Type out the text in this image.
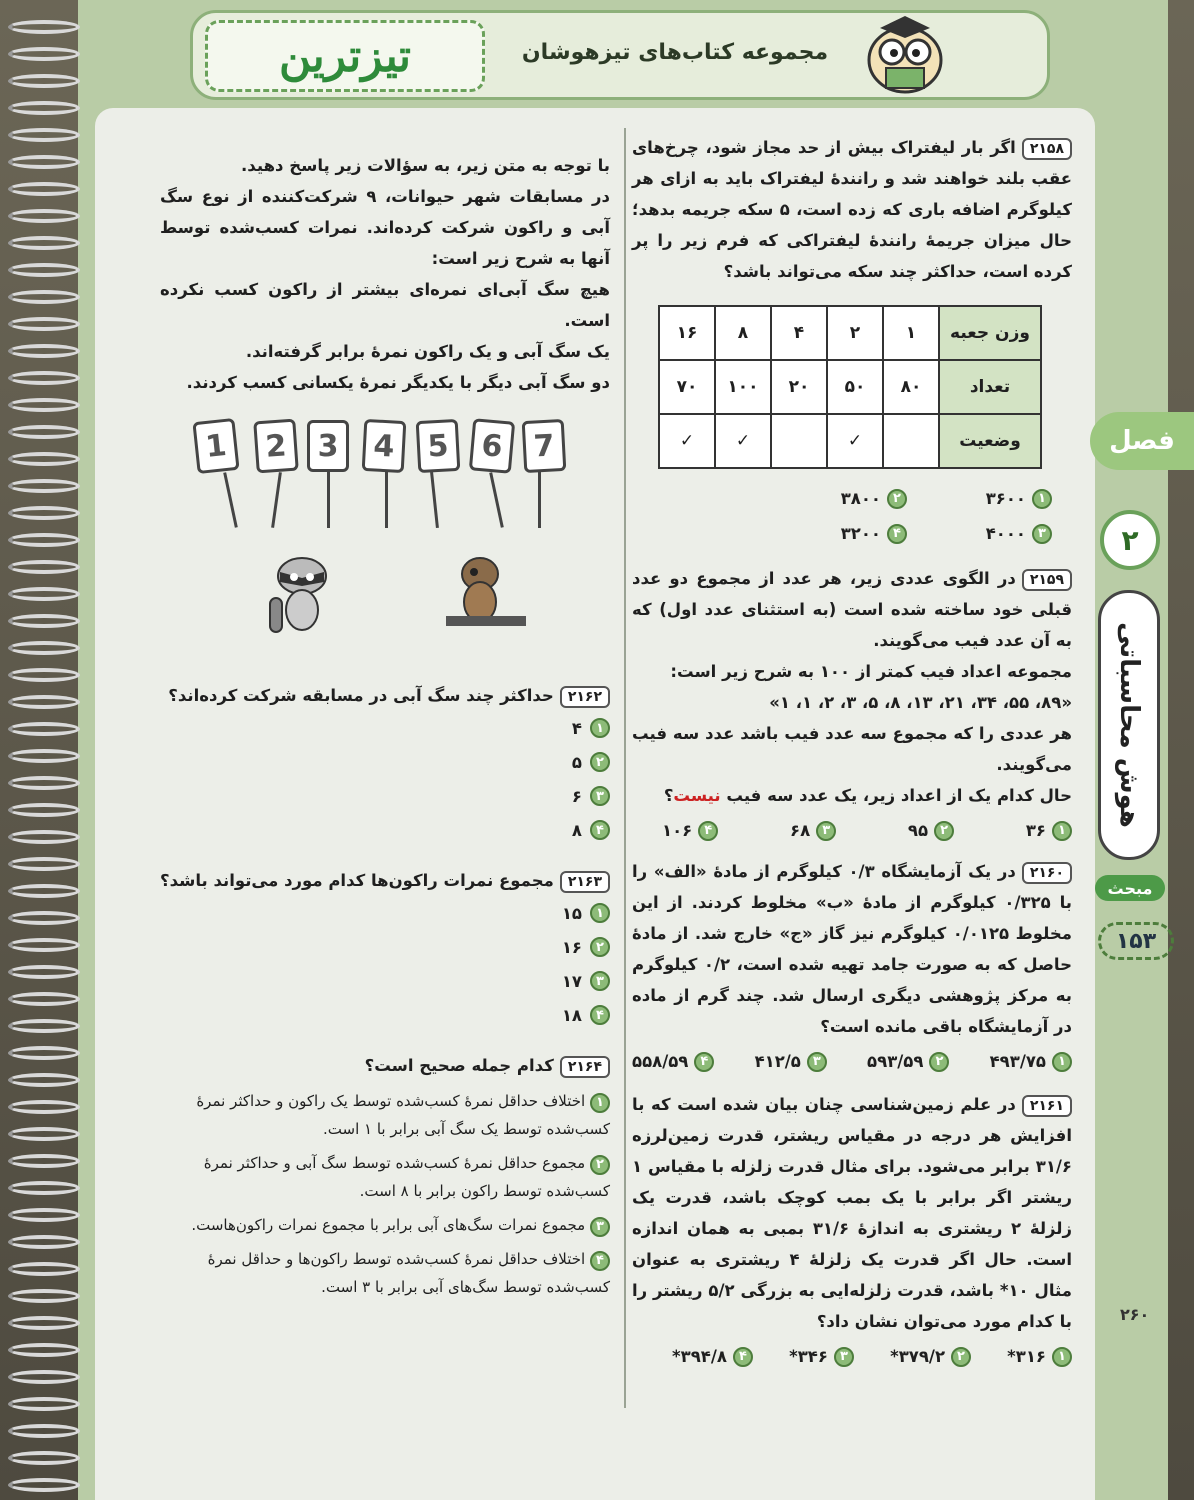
تیزترین	مجموعه کتاب‌های تیزهوشان
۲۱۵۸اگر بار لیفتراک بیش از حد مجاز شود، چرخ‌های عقب بلند خواهند شد و رانندهٔ لیفتراک باید به ازای هر کیلوگرم اضافه باری که زده است، ۵ سکه جریمه بدهد؛ حال میزان جریمهٔ رانندهٔ لیفتراکی که فرم زیر را پر کرده است، حداکثر چند سکه می‌تواند باشد؟
وزن جعبه	۱	۲	۴	۸	۱۶
تعداد	۸۰	۵۰	۲۰	۱۰۰	۷۰
وضعیت		✓		✓	✓
۱
۳۶۰۰
۲
۳۸۰۰
۳
۴۰۰۰
۴
۳۲۰۰
۲۱۵۹در الگوی عددی زیر، هر عدد از مجموع دو عدد قبلی خود ساخته شده است (به استثنای عدد اول) که به آن عدد فیب می‌گویند.
مجموعه اعداد فیب کمتر از ۱۰۰ به شرح زیر است:
«۸۹، ۵۵، ۳۴، ۲۱، ۱۳، ۸، ۵، ۳، ۲، ۱، ۱»
هر عددی را که مجموع سه عدد فیب باشد عدد سه فیب می‌گویند.
حال کدام یک از اعداد زیر، یک عدد سه فیب نیست؟
۱
۳۶
۲
۹۵
۳
۶۸
۴
۱۰۶
۲۱۶۰در یک آزمایشگاه ۰/۳ کیلوگرم از مادهٔ «الف» را با ۰/۳۲۵ کیلوگرم از مادهٔ «ب» مخلوط کردند. از این مخلوط ۰/۰۱۲۵ کیلوگرم نیز گاز «ج» خارج شد. از مادهٔ حاصل که به صورت جامد تهیه شده است، ۰/۲ کیلوگرم به مرکز پژوهشی دیگری ارسال شد. چند گرم از ماده در آزمایشگاه باقی مانده است؟
۱
۴۹۳/۷۵
۲
۵۹۳/۵۹
۳
۴۱۲/۵
۴
۵۵۸/۵۹
۲۱۶۱در علم زمین‌شناسی چنان بیان شده است که با افزایش هر درجه در مقیاس ریشتر، قدرت زمین‌لرزه ۳۱/۶ برابر می‌شود. برای مثال قدرت زلزله با مقیاس ۱ ریشتر اگر برابر با یک بمب کوچک باشد، قدرت یک زلزلهٔ ۲ ریشتری به اندازهٔ ۳۱/۶ بمبی به همان اندازه است. حال اگر قدرت یک زلزلهٔ ۴ ریشتری به عنوان مثال ۱۰* باشد، قدرت زلزله‌ایی به بزرگی ۵/۲ ریشتر را با کدام مورد می‌توان نشان داد؟
۱
۳۱۶*
۲
۳۷۹/۲*
۳
۳۴۶*
۴
۳۹۴/۸*
با توجه به متن زیر، به سؤالات زیر پاسخ دهید.
در مسابقات شهر حیوانات، ۹ شرکت‌کننده از نوع سگ آبی و راکون شرکت کرده‌اند. نمرات کسب‌شده توسط آنها به شرح زیر است:
هیچ سگ آبی‌ای نمره‌ای بیشتر از راکون کسب نکرده است.
یک سگ آبی و یک راکون نمرهٔ برابر گرفته‌اند.
دو سگ آبی دیگر با یکدیگر نمرهٔ یکسانی کسب کردند.
1	2 3	4	5	6 7
۲۱۶۲حداکثر چند سگ آبی در مسابقه شرکت کرده‌اند؟
۱
۴
۲
۵
۳
۶
۴
۸
۲۱۶۳مجموع نمرات راکون‌ها کدام مورد می‌تواند باشد؟
۱
۱۵
۲
۱۶
۳
۱۷
۴
۱۸
۲۱۶۴کدام جمله صحیح است؟
۱ اختلاف حداقل نمرهٔ کسب‌شده توسط یک راکون و حداکثر نمرهٔ کسب‌شده توسط یک سگ آبی برابر با ۱ است.
۲ مجموع حداقل نمرهٔ کسب‌شده توسط سگ آبی و حداکثر نمرهٔ کسب‌شده توسط راکون برابر با ۸ است.
۳ مجموع نمرات سگ‌های آبی برابر با مجموع نمرات راکون‌هاست.
۴ اختلاف حداقل نمرهٔ کسب‌شده توسط راکون‌ها و حداقل نمرهٔ کسب‌شده توسط سگ‌های آبی برابر با ۳ است.
فصل
۲
هوش محاسباتی
مبحث
۱۵۳
۲۶۰
